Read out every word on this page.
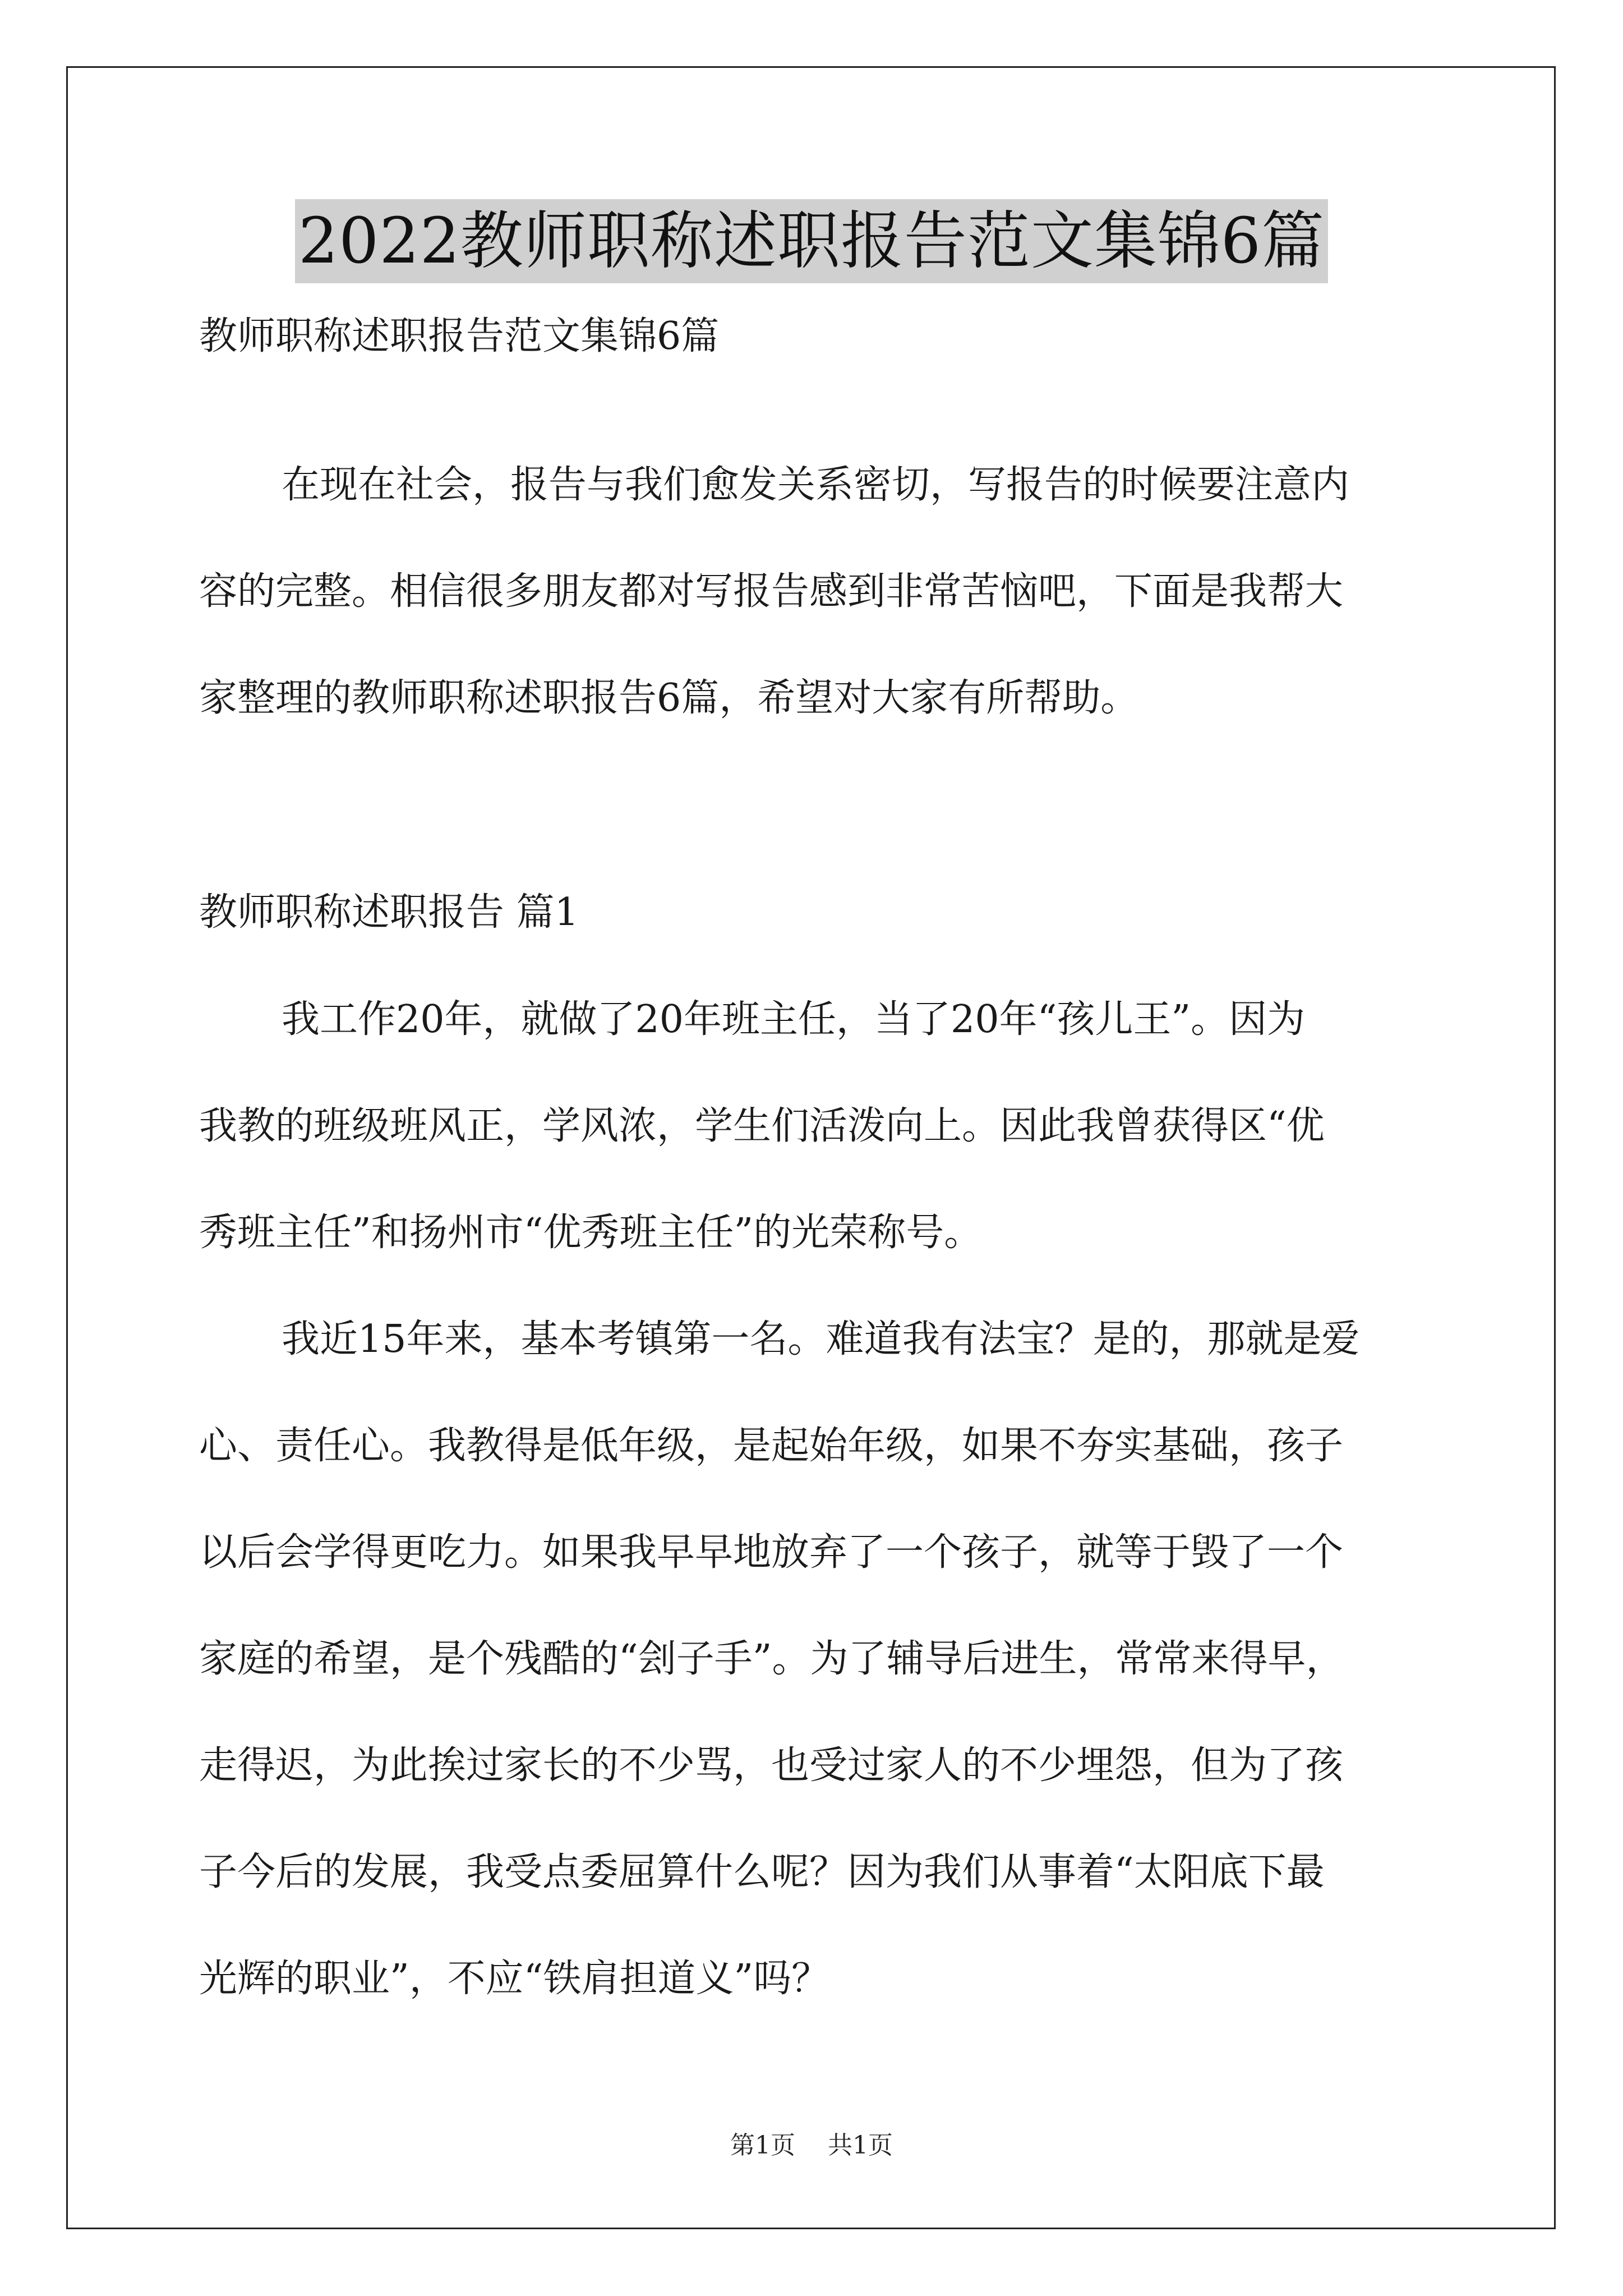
2022教师职称述职报告范文集锦6篇
教师职称述职报告范文集锦6篇
在现在社会，报告与我们愈发关系密切，写报告的时候要注意内
容的完整。相信很多朋友都对写报告感到非常苦恼吧，下面是我帮大
家整理的教师职称述职报告6篇，希望对大家有所帮助。
教师职称述职报告 篇1
我工作20年，就做了20年班主任，当了20年“孩儿王”。因为
我教的班级班风正，学风浓，学生们活泼向上。因此我曾获得区“优
秀班主任”和扬州市“优秀班主任”的光荣称号。
我近15年来，基本考镇第一名。难道我有法宝？是的，那就是爱
心、责任心。我教得是低年级，是起始年级，如果不夯实基础，孩子
以后会学得更吃力。如果我早早地放弃了一个孩子，就等于毁了一个
家庭的希望，是个残酷的“刽子手”。为了辅导后进生，常常来得早，
走得迟，为此挨过家长的不少骂，也受过家人的不少埋怨，但为了孩
子今后的发展，我受点委屈算什么呢？因为我们从事着“太阳底下最
光辉的职业”，不应“铁肩担道义”吗？
第1页 共1页
